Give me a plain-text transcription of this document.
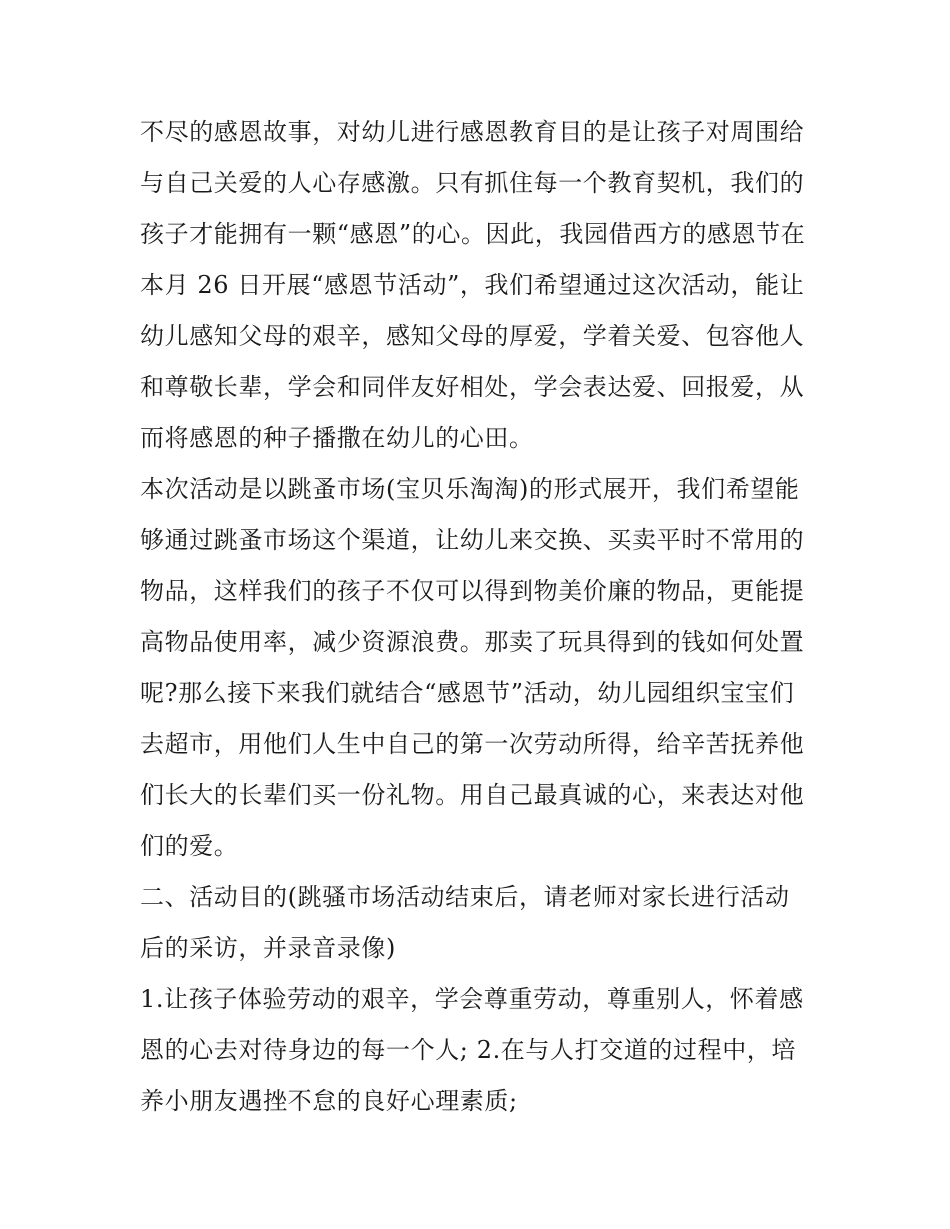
不尽的感恩故事，对幼儿进行感恩教育目的是让孩子对周围给
与自己关爱的人心存感激。只有抓住每一个教育契机，我们的
孩子才能拥有一颗“感恩”的心。因此，我园借西方的感恩节在
本月 26 日开展“感恩节活动”，我们希望通过这次活动，能让
幼儿感知父母的艰辛，感知父母的厚爱，学着关爱、包容他人
和尊敬长辈，学会和同伴友好相处，学会表达爱、回报爱，从
而将感恩的种子播撒在幼儿的心田。

本次活动是以跳蚤市场(宝贝乐淘淘)的形式展开，我们希望能
够通过跳蚤市场这个渠道，让幼儿来交换、买卖平时不常用的
物品，这样我们的孩子不仅可以得到物美价廉的物品，更能提
高物品使用率，减少资源浪费。那卖了玩具得到的钱如何处置
呢?那么接下来我们就结合“感恩节”活动，幼儿园组织宝宝们
去超市，用他们人生中自己的第一次劳动所得，给辛苦抚养他
们长大的长辈们买一份礼物。用自己最真诚的心，来表达对他
们的爱。

二、活动目的(跳骚市场活动结束后，请老师对家长进行活动
后的采访，并录音录像)

1.让孩子体验劳动的艰辛，学会尊重劳动，尊重别人，怀着感
恩的心去对待身边的每一个人; 2.在与人打交道的过程中，培
养小朋友遇挫不怠的良好心理素质;
